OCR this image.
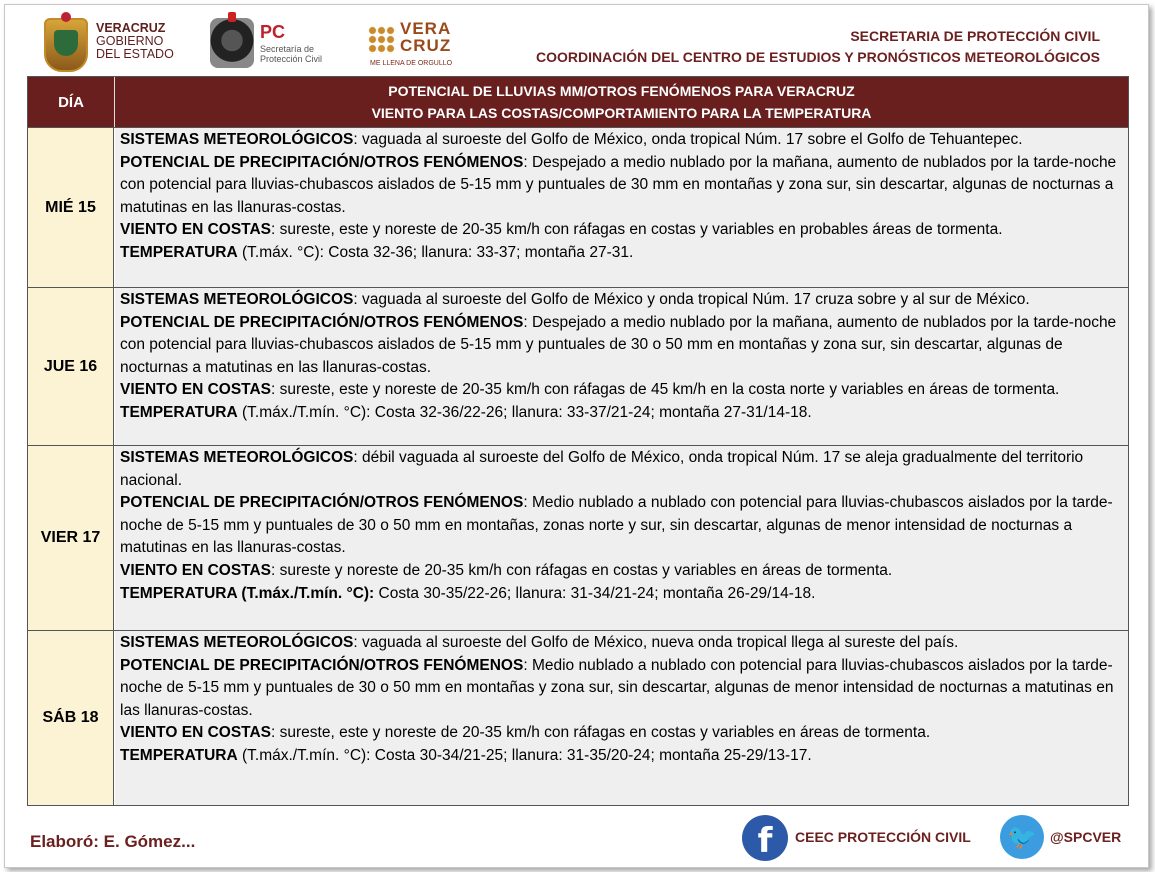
VERACRUZ
GOBIERNO
DEL ESTADO
PC
Secretaría de
Protección Civil
VERA
CRUZ
ME LLENA DE ORGULLO
SECRETARIA DE PROTECCIÓN CIVIL
COORDINACIÓN DEL CENTRO DE ESTUDIOS Y PRONÓSTICOS METEOROLÓGICOS
DÍA
POTENCIAL DE LLUVIAS MM/OTROS FENÓMENOS PARA VERACRUZ
VIENTO PARA LAS COSTAS/COMPORTAMIENTO PARA LA TEMPERATURA
MIÉ 15

SISTEMAS METEOROLÓGICOS: vaguada al suroeste del Golfo de México, onda tropical Núm. 17 sobre el Golfo de Tehuantepec.

POTENCIAL DE PRECIPITACIÓN/OTROS FENÓMENOS: Despejado a medio nublado por la mañana, aumento de nublados por la tarde-noche con potencial para lluvias-chubascos aislados de 5-15 mm y puntuales de 30 mm en montañas y zona sur, sin descartar, algunas de nocturnas a matutinas en las llanuras-costas.

VIENTO EN COSTAS: sureste, este y noreste de 20-35 km/h con ráfagas en costas y variables en probables áreas de tormenta.

TEMPERATURA (T.máx. °C): Costa 32-36; llanura: 33-37; montaña 27-31.

JUE 16

SISTEMAS METEOROLÓGICOS: vaguada al suroeste del Golfo de México y onda tropical Núm. 17 cruza sobre y al sur de México.

POTENCIAL DE PRECIPITACIÓN/OTROS FENÓMENOS: Despejado a medio nublado por la mañana, aumento de nublados por la tarde-noche con potencial para lluvias-chubascos aislados de 5-15 mm y puntuales de 30 o 50 mm en montañas y zona sur, sin descartar, algunas de nocturnas a matutinas en las llanuras-costas.

VIENTO EN COSTAS: sureste, este y noreste de 20-35 km/h con ráfagas de 45 km/h en la costa norte y variables en áreas de tormenta.

TEMPERATURA (T.máx./T.mín. °C): Costa 32-36/22-26; llanura: 33-37/21-24; montaña 27-31/14-18.

VIER 17

SISTEMAS METEOROLÓGICOS: débil vaguada al suroeste del Golfo de México, onda tropical Núm. 17 se aleja gradualmente del territorio nacional.

POTENCIAL DE PRECIPITACIÓN/OTROS FENÓMENOS: Medio nublado a nublado con potencial para lluvias-chubascos aislados por la tarde-noche de 5-15 mm y puntuales de 30 o 50 mm en montañas, zonas norte y sur, sin descartar, algunas de menor intensidad de nocturnas a matutinas en las llanuras-costas.

VIENTO EN COSTAS: sureste y noreste de 20-35 km/h con ráfagas en costas y variables en áreas de tormenta.

TEMPERATURA (T.máx./T.mín. °C): Costa 30-35/22-26; llanura: 31-34/21-24; montaña 26-29/14-18.

SÁB 18

SISTEMAS METEOROLÓGICOS: vaguada al suroeste del Golfo de México, nueva onda tropical llega al sureste del país.

POTENCIAL DE PRECIPITACIÓN/OTROS FENÓMENOS: Medio nublado a nublado con potencial para lluvias-chubascos aislados por la tarde-noche de 5-15 mm y puntuales de 30 o 50 mm en montañas y zona sur, sin descartar, algunas de menor intensidad de nocturnas a matutinas en las llanuras-costas.

VIENTO EN COSTAS: sureste, este y noreste de 20-35 km/h con ráfagas en costas y variables en áreas de tormenta.

TEMPERATURA (T.máx./T.mín. °C): Costa 30-34/21-25; llanura: 31-35/20-24; montaña 25-29/13-17.

Elaboró: E. Gómez...	f	CEEC PROTECCIÓN CIVIL 🐦 @SPCVER
